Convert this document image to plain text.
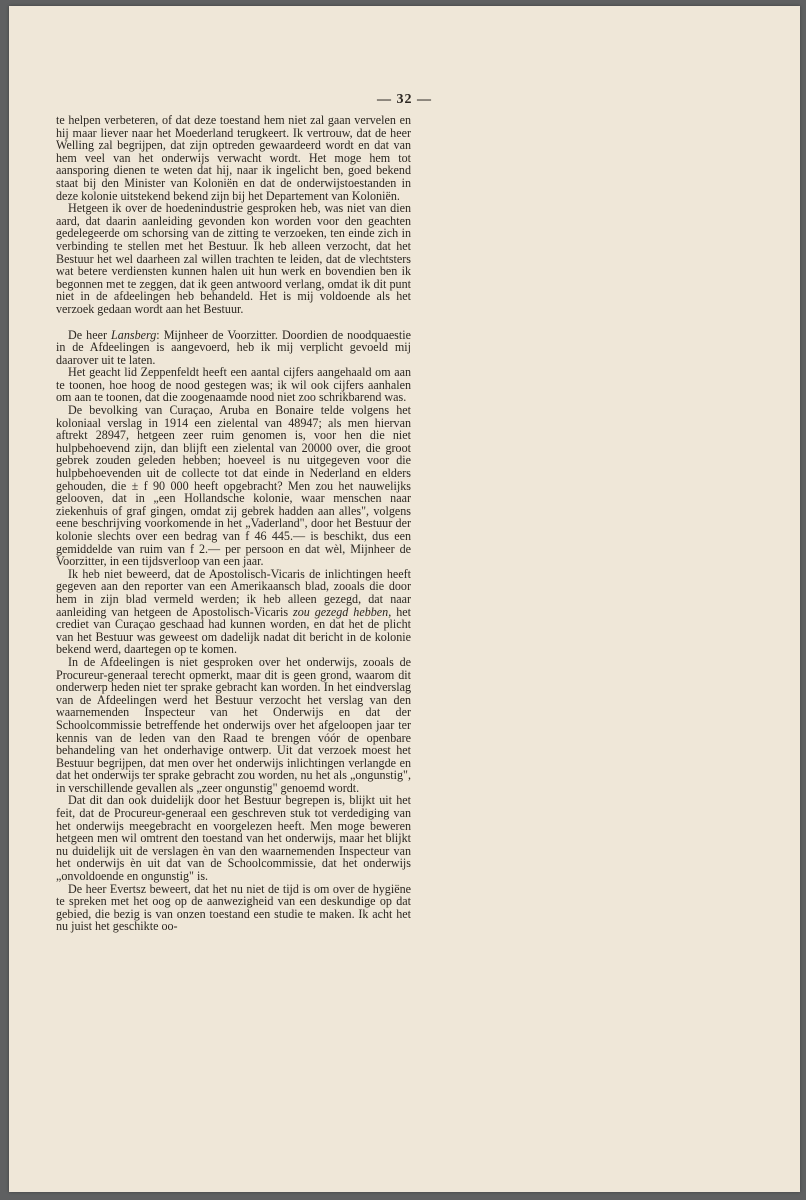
— 32 —

te helpen verbeteren, of dat deze toestand hem niet zal gaan vervelen en hij maar liever naar het Moederland terugkeert. Ik vertrouw, dat de heer Welling zal begrijpen, dat zijn optreden gewaardeerd wordt en dat van hem veel van het onderwijs verwacht wordt. Het moge hem tot aansporing dienen te weten dat hij, naar ik ingelicht ben, goed bekend staat bij den Minister van Koloniën en dat de onderwijstoestanden in deze kolonie uitstekend bekend zijn bij het Departement van Koloniën.

Hetgeen ik over de hoedenindustrie gesproken heb, was niet van dien aard, dat daarin aanleiding gevonden kon worden voor den geachten gedelegeerde om schorsing van de zitting te verzoeken, ten einde zich in verbinding te stellen met het Bestuur. Ik heb alleen verzocht, dat het Bestuur het wel daarheen zal willen trachten te leiden, dat de vlechtsters wat betere verdiensten kunnen halen uit hun werk en bovendien ben ik begonnen met te zeggen, dat ik geen antwoord verlang, omdat ik dit punt niet in de afdeelingen heb behandeld. Het is mij voldoende als het verzoek gedaan wordt aan het Bestuur.

De heer Lansberg: Mijnheer de Voorzitter. Doordien de noodquaestie in de Afdeelingen is aangevoerd, heb ik mij verplicht gevoeld mij daarover uit te laten.

Het geacht lid Zeppenfeldt heeft een aantal cijfers aangehaald om aan te toonen, hoe hoog de nood gestegen was; ik wil ook cijfers aanhalen om aan te toonen, dat die zoogenaamde nood niet zoo schrikbarend was.

De bevolking van Curaçao, Aruba en Bonaire telde volgens het koloniaal verslag in 1914 een zielental van 48947; als men hiervan aftrekt 28947, hetgeen zeer ruim genomen is, voor hen die niet hulpbehoevend zijn, dan blijft een zielental van 20000 over, die groot gebrek zouden geleden hebben; hoeveel is nu uitgegeven voor die hulpbehoevenden uit de collecte tot dat einde in Nederland en elders gehouden, die ± f 90 000 heeft opgebracht? Men zou het nauwelijks gelooven, dat in „een Hollandsche kolonie, waar menschen naar ziekenhuis of graf gingen, omdat zij gebrek hadden aan alles", volgens eene beschrijving voorkomende in het „Vaderland", door het Bestuur der kolonie slechts over een bedrag van f 46 445.— is beschikt, dus een gemiddelde van ruim van f 2.— per persoon en dat wèl, Mijnheer de Voorzitter, in een tijdsverloop van een jaar.

Ik heb niet beweerd, dat de Apostolisch-Vicaris de inlichtingen heeft gegeven aan den reporter van een Amerikaansch blad, zooals die door hem in zijn blad vermeld werden; ik heb alleen gezegd, dat naar aanleiding van hetgeen de Apostolisch-Vicaris zou gezegd hebben, het crediet van Curaçao geschaad had kunnen worden, en dat het de plicht van het Bestuur was geweest om dadelijk nadat dit bericht in de kolonie bekend werd, daartegen op te komen.

In de Afdeelingen is niet gesproken over het onderwijs, zooals de Procureur-generaal terecht opmerkt, maar dit is geen grond, waarom dit onderwerp heden niet ter sprake gebracht kan worden. In het eindverslag van de Afdeelingen werd het Bestuur verzocht het verslag van den waarnemenden Inspecteur van het Onderwijs en dat der Schoolcommissie betreffende het onderwijs over het afgeloopen jaar ter kennis van de leden van den Raad te brengen vóór de openbare behandeling van het onderhavige ontwerp. Uit dat verzoek moest het Bestuur begrijpen, dat men over het onderwijs inlichtingen verlangde en dat het onderwijs ter sprake gebracht zou worden, nu het als „ongunstig", in verschillende gevallen als „zeer ongunstig" genoemd wordt.

Dat dit dan ook duidelijk door het Bestuur begrepen is, blijkt uit het feit, dat de Procureur-generaal een geschreven stuk tot verdediging van het onderwijs meegebracht en voorgelezen heeft. Men moge beweren hetgeen men wil omtrent den toestand van het onderwijs, maar het blijkt nu duidelijk uit de verslagen èn van den waarnemenden Inspecteur van het onderwijs èn uit dat van de Schoolcommissie, dat het onderwijs „onvoldoende en ongunstig" is.

De heer Evertsz beweert, dat het nu niet de tijd is om over de hygiëne te spreken met het oog op de aanwezigheid van een deskundige op dat gebied, die bezig is van onzen toestand een studie te maken. Ik acht het nu juist het geschikte oo-
